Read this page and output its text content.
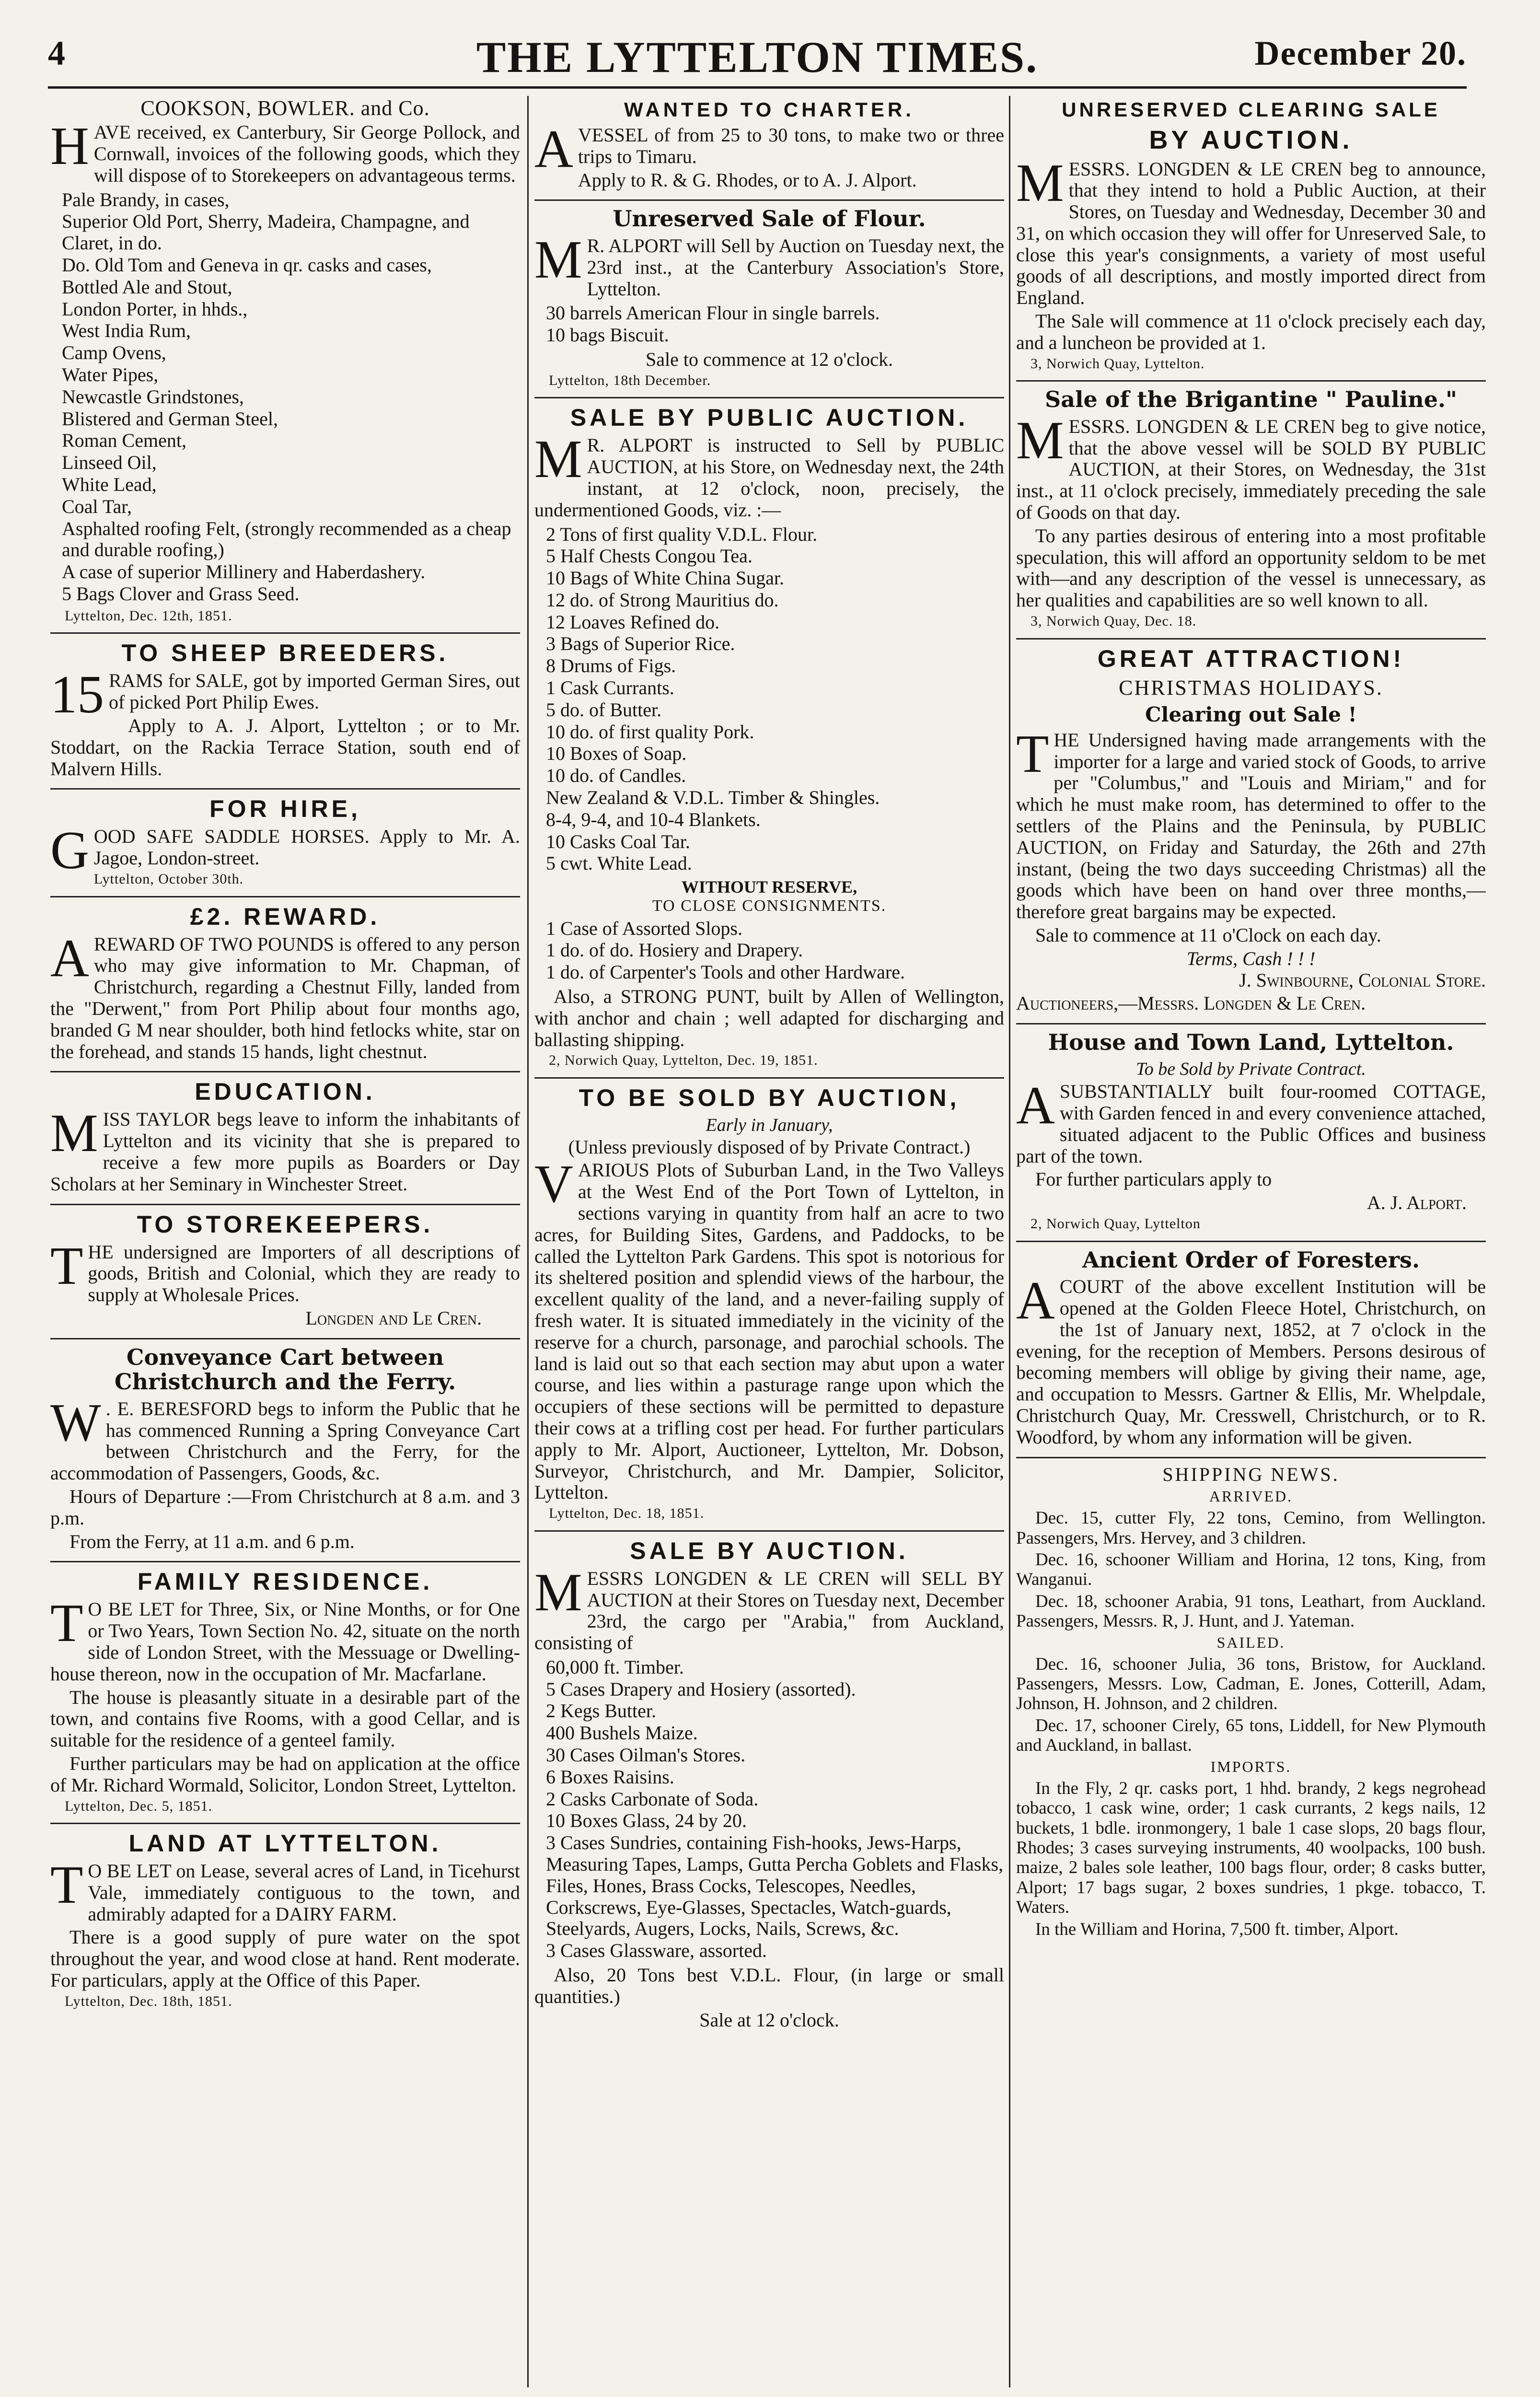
4	THE LYTTELTON TIMES.	December 20.
COOKSON, BOWLER. and Co.
HAVE received, ex Canterbury, Sir George Pollock, and Cornwall, invoices of the following goods, which they will dispose of to Storekeepers on advantageous terms.
Pale Brandy, in cases,
Superior Old Port, Sherry, Madeira, Champagne, and Claret, in do.
Do. Old Tom and Geneva in qr. casks and cases,
Bottled Ale and Stout,
London Porter, in hhds.,
West India Rum,
Camp Ovens,
Water Pipes,
Newcastle Grindstones,
Blistered and German Steel,
Roman Cement,
Linseed Oil,
White Lead,
Coal Tar,
Asphalted roofing Felt, (strongly recommended as a cheap and durable roofing,)
A case of superior Millinery and Haberdashery.
5 Bags Clover and Grass Seed.
Lyttelton, Dec. 12th, 1851.
TO SHEEP BREEDERS.
15 RAMS for SALE, got by imported German Sires, out of picked Port Philip Ewes.
Apply to A. J. Alport, Lyttelton ; or to Mr. Stoddart, on the Rackia Terrace Station, south end of Malvern Hills.
FOR HIRE,
GOOD SAFE SADDLE HORSES. Apply to Mr. A. Jagoe, London-street.
Lyttelton, October 30th.
£2. REWARD.
AREWARD OF TWO POUNDS is offered to any person who may give information to Mr. Chapman, of Christchurch, regarding a Chestnut Filly, landed from the "Derwent," from Port Philip about four months ago, branded G M near shoulder, both hind fetlocks white, star on the forehead, and stands 15 hands, light chestnut.
EDUCATION.
MISS TAYLOR begs leave to inform the inhabitants of Lyttelton and its vicinity that she is prepared to receive a few more pupils as Boarders or Day Scholars at her Seminary in Winchester Street.
TO STOREKEEPERS.
THE undersigned are Importers of all descriptions of goods, British and Colonial, which they are ready to supply at Wholesale Prices.
Longden and Le Cren.
Conveyance Cart between Christchurch and the Ferry.
W . E. BERESFORD begs to inform the Public that he has commenced Running a Spring Conveyance Cart between Christchurch and the Ferry, for the accommodation of Passengers, Goods, &c.
Hours of Departure :—From Christchurch at 8 a.m. and 3 p.m.
From the Ferry, at 11 a.m. and 6 p.m.
FAMILY RESIDENCE.
T O BE LET for Three, Six, or Nine Months, or for One or Two Years, Town Section No. 42, situate on the north side of London Street, with the Messuage or Dwelling-house thereon, now in the occupation of Mr. Macfarlane.
The house is pleasantly situate in a desirable part of the town, and contains five Rooms, with a good Cellar, and is suitable for the residence of a genteel family.
Further particulars may be had on application at the office of Mr. Richard Wormald, Solicitor, London Street, Lyttelton.
Lyttelton, Dec. 5, 1851.
LAND AT LYTTELTON.
T O BE LET on Lease, several acres of Land, in Ticehurst Vale, immediately contiguous to the town, and admirably adapted for a DAIRY FARM.
There is a good supply of pure water on the spot throughout the year, and wood close at hand. Rent moderate. For particulars, apply at the Office of this Paper.
Lyttelton, Dec. 18th, 1851.
WANTED TO CHARTER.
AVESSEL of from 25 to 30 tons, to make two or three trips to Timaru.
Apply to R. & G. Rhodes, or to A. J. Alport.
Unreserved Sale of Flour.
M R. ALPORT will Sell by Auction on Tuesday next, the 23rd inst., at the Canterbury Association's Store, Lyttelton.
30 barrels American Flour in single barrels.
10 bags Biscuit.
Sale to commence at 12 o'clock.
Lyttelton, 18th December.
SALE BY PUBLIC AUCTION.
M R. ALPORT is instructed to Sell by PUBLIC AUCTION, at his Store, on Wednesday next, the 24th instant, at 12 o'clock, noon, precisely, the undermentioned Goods, viz. :—
2 Tons of first quality V.D.L. Flour.
5 Half Chests Congou Tea.
10 Bags of White China Sugar.
12 do. of Strong Mauritius do.
12 Loaves Refined do.
3 Bags of Superior Rice.
8 Drums of Figs.
1 Cask Currants.
5 do. of Butter.
10 do. of first quality Pork.
10 Boxes of Soap.
10 do. of Candles.
New Zealand & V.D.L. Timber & Shingles.
8-4, 9-4, and 10-4 Blankets.
10 Casks Coal Tar.
5 cwt. White Lead.
WITHOUT RESERVE,
TO CLOSE CONSIGNMENTS.
1 Case of Assorted Slops.
1 do. of do. Hosiery and Drapery.
1 do. of Carpenter's Tools and other Hardware.
Also, a STRONG PUNT, built by Allen of Wellington, with anchor and chain ; well adapted for discharging and ballasting shipping.
2, Norwich Quay, Lyttelton, Dec. 19, 1851.
TO BE SOLD BY AUCTION,
Early in January,
(Unless previously disposed of by Private Contract.)
VARIOUS Plots of Suburban Land, in the Two Valleys at the West End of the Port Town of Lyttelton, in sections varying in quantity from half an acre to two acres, for Building Sites, Gardens, and Paddocks, to be called the Lyttelton Park Gardens. This spot is notorious for its sheltered position and splendid views of the harbour, the excellent quality of the land, and a never-failing supply of fresh water. It is situated immediately in the vicinity of the reserve for a church, parsonage, and parochial schools. The land is laid out so that each section may abut upon a water course, and lies within a pasturage range upon which the occupiers of these sections will be permitted to depasture their cows at a trifling cost per head. For further particulars apply to Mr. Alport, Auctioneer, Lyttelton, Mr. Dobson, Surveyor, Christchurch, and Mr. Dampier, Solicitor, Lyttelton.
Lyttelton, Dec. 18, 1851.
SALE BY AUCTION.
MESSRS LONGDEN & LE CREN will SELL BY AUCTION at their Stores on Tuesday next, December 23rd, the cargo per "Arabia," from Auckland, consisting of
60,000 ft. Timber.
5 Cases Drapery and Hosiery (assorted).
2 Kegs Butter.
400 Bushels Maize.
30 Cases Oilman's Stores.
6 Boxes Raisins.
2 Casks Carbonate of Soda.
10 Boxes Glass, 24 by 20.
3 Cases Sundries, containing Fish-hooks, Jews-Harps, Measuring Tapes, Lamps, Gutta Percha Goblets and Flasks, Files, Hones, Brass Cocks, Telescopes, Needles, Corkscrews, Eye-Glasses, Spectacles, Watch-guards, Steelyards, Augers, Locks, Nails, Screws, &c.
3 Cases Glassware, assorted.
Also, 20 Tons best V.D.L. Flour, (in large or small quantities.)
Sale at 12 o'clock.
UNRESERVED CLEARING SALE
BY AUCTION.
MESSRS. LONGDEN & LE CREN beg to announce, that they intend to hold a Public Auction, at their Stores, on Tuesday and Wednesday, December 30 and 31, on which occasion they will offer for Unreserved Sale, to close this year's consignments, a variety of most useful goods of all descriptions, and mostly imported direct from England.
The Sale will commence at 11 o'clock precisely each day, and a luncheon be provided at 1.
3, Norwich Quay, Lyttelton.
Sale of the Brigantine " Pauline."
MESSRS. LONGDEN & LE CREN beg to give notice, that the above vessel will be SOLD BY PUBLIC AUCTION, at their Stores, on Wednesday, the 31st inst., at 11 o'clock precisely, immediately preceding the sale of Goods on that day.
To any parties desirous of entering into a most profitable speculation, this will afford an opportunity seldom to be met with—and any description of the vessel is unnecessary, as her qualities and capabilities are so well known to all.
3, Norwich Quay, Dec. 18.
GREAT ATTRACTION!
CHRISTMAS HOLIDAYS.
Clearing out Sale !
THE Undersigned having made arrangements with the importer for a large and varied stock of Goods, to arrive per "Columbus," and "Louis and Miriam," and for which he must make room, has determined to offer to the settlers of the Plains and the Peninsula, by PUBLIC AUCTION, on Friday and Saturday, the 26th and 27th instant, (being the two days succeeding Christmas) all the goods which have been on hand over three months,— therefore great bargains may be expected.
Sale to commence at 11 o'Clock on each day.
Terms, Cash ! ! !
J. Swinbourne, Colonial Store.
Auctioneers,—Messrs. Longden & Le Cren.
House and Town Land, Lyttelton.
To be Sold by Private Contract.
ASUBSTANTIALLY built four-roomed COTTAGE, with Garden fenced in and every convenience attached, situated adjacent to the Public Offices and business part of the town.
For further particulars apply to
A. J. Alport.
2, Norwich Quay, Lyttelton
Ancient Order of Foresters.
ACOURT of the above excellent Institution will be opened at the Golden Fleece Hotel, Christchurch, on the 1st of January next, 1852, at 7 o'clock in the evening, for the reception of Members. Persons desirous of becoming members will oblige by giving their name, age, and occupation to Messrs. Gartner & Ellis, Mr. Whelpdale, Christchurch Quay, Mr. Cresswell, Christchurch, or to R. Woodford, by whom any information will be given.
SHIPPING NEWS.
ARRIVED.
Dec. 15, cutter Fly, 22 tons, Cemino, from Wellington. Passengers, Mrs. Hervey, and 3 children.
Dec. 16, schooner William and Horina, 12 tons, King, from Wanganui.
Dec. 18, schooner Arabia, 91 tons, Leathart, from Auckland. Passengers, Messrs. R, J. Hunt, and J. Yateman.
SAILED.
Dec. 16, schooner Julia, 36 tons, Bristow, for Auckland. Passengers, Messrs. Low, Cadman, E. Jones, Cotterill, Adam, Johnson, H. Johnson, and 2 children.
Dec. 17, schooner Cirely, 65 tons, Liddell, for New Plymouth and Auckland, in ballast.
IMPORTS.
In the Fly, 2 qr. casks port, 1 hhd. brandy, 2 kegs negrohead tobacco, 1 cask wine, order; 1 cask currants, 2 kegs nails, 12 buckets, 1 bdle. ironmongery, 1 bale 1 case slops, 20 bags flour, Rhodes; 3 cases surveying instruments, 40 woolpacks, 100 bush. maize, 2 bales sole leather, 100 bags flour, order; 8 casks butter, Alport; 17 bags sugar, 2 boxes sundries, 1 pkge. tobacco, T. Waters.
In the William and Horina, 7,500 ft. timber, Alport.
